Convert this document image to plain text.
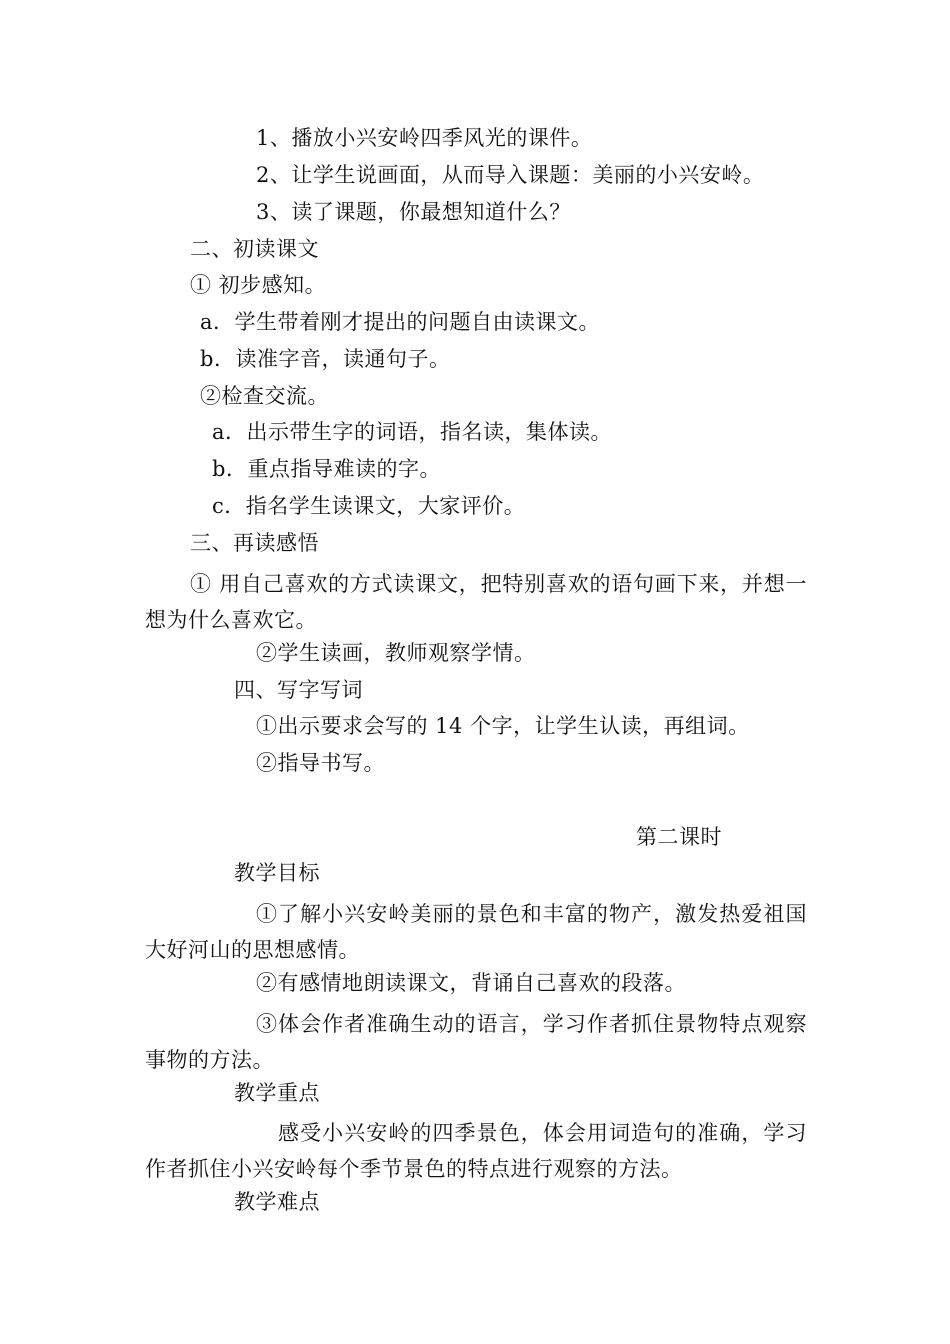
1、播放小兴安岭四季风光的课件。
2、让学生说画面，从而导入课题：美丽的小兴安岭。
3、读了课题，你最想知道什么？
二、初读课文
① 初步感知。
a．学生带着刚才提出的问题自由读课文。
b．读准字音，读通句子。
②检查交流。
a．出示带生字的词语，指名读，集体读。
b．重点指导难读的字。
c．指名学生读课文，大家评价。
三、再读感悟
① 用自己喜欢的方式读课文，把特别喜欢的语句画下来，并想一想为什么喜欢它。
②学生读画，教师观察学情。
四、写字写词
①出示要求会写的 14 个字，让学生认读，再组词。
②指导书写。
第二课时
教学目标
①了解小兴安岭美丽的景色和丰富的物产，激发热爱祖国大好河山的思想感情。
②有感情地朗读课文，背诵自己喜欢的段落。
③体会作者准确生动的语言，学习作者抓住景物特点观察事物的方法。
教学重点
感受小兴安岭的四季景色，体会用词造句的准确，学习作者抓住小兴安岭每个季节景色的特点进行观察的方法。
教学难点
